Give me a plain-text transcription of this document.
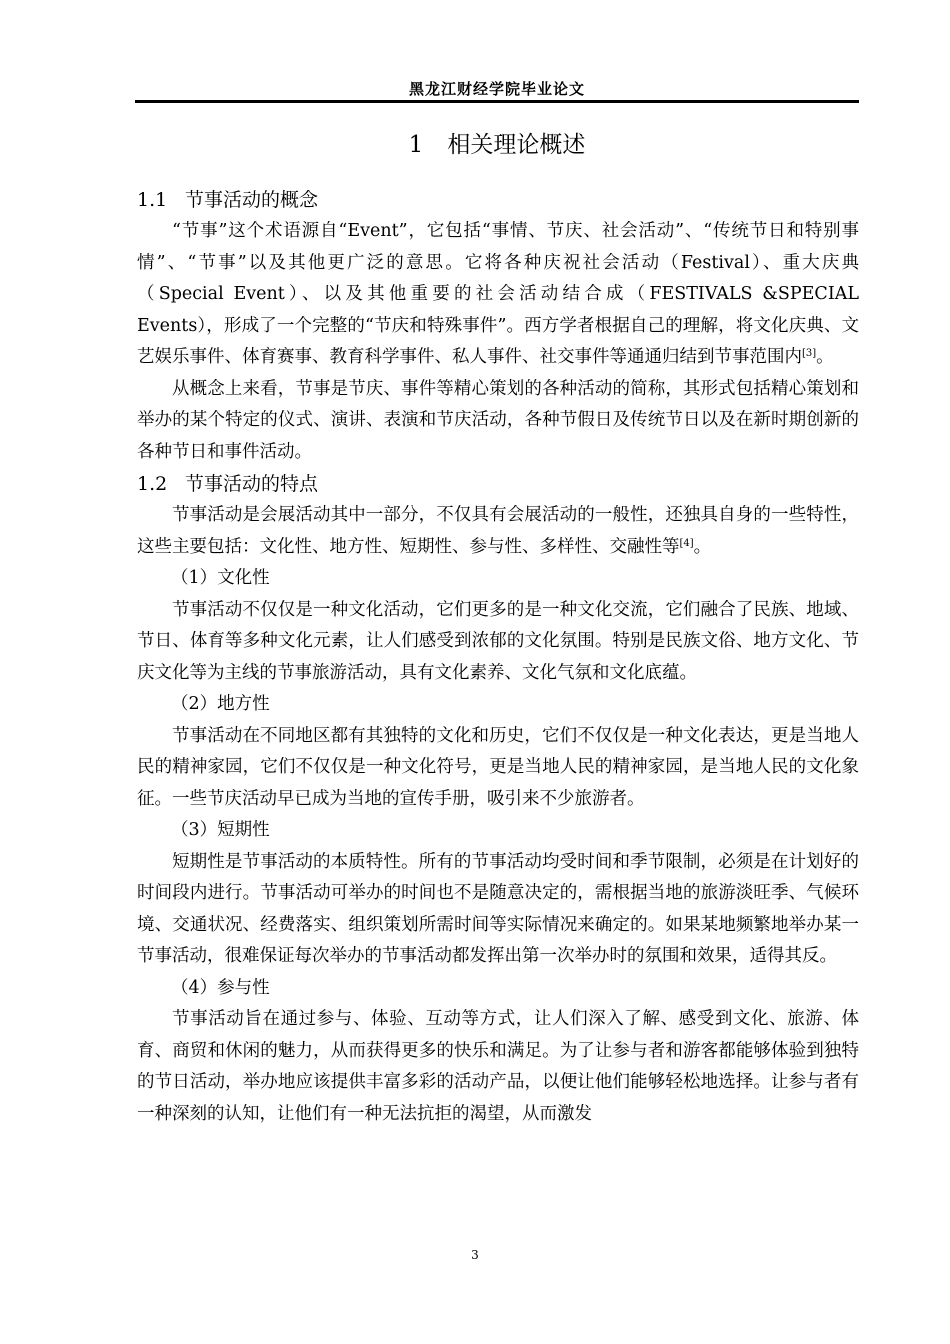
黑龙江财经学院毕业论文
1 相关理论概述
1.1 节事活动的概念

“节事”这个术语源自“Event”，它包括“事情、节庆、社会活动”、“传统节日和特别事情”、“节事”以及其他更广泛的意思。它将各种庆祝社会活动（Festival）、重大庆典（Special Event）、以及其他重要的社会活动结合成（FESTIVALS &SPECIAL Events），形成了一个完整的“节庆和特殊事件”。西方学者根据自己的理解，将文化庆典、文艺娱乐事件、体育赛事、教育科学事件、私人事件、社交事件等通通归结到节事范围内[3]。

从概念上来看，节事是节庆、事件等精心策划的各种活动的简称，其形式包括精心策划和举办的某个特定的仪式、演讲、表演和节庆活动，各种节假日及传统节日以及在新时期创新的各种节日和事件活动。

1.2 节事活动的特点

节事活动是会展活动其中一部分，不仅具有会展活动的一般性，还独具自身的一些特性，这些主要包括：文化性、地方性、短期性、参与性、多样性、交融性等[4]。

（1）文化性

节事活动不仅仅是一种文化活动，它们更多的是一种文化交流，它们融合了民族、地域、节日、体育等多种文化元素，让人们感受到浓郁的文化氛围。特别是民族文俗、地方文化、节庆文化等为主线的节事旅游活动，具有文化素养、文化气氛和文化底蕴。

（2）地方性

节事活动在不同地区都有其独特的文化和历史，它们不仅仅是一种文化表达，更是当地人民的精神家园，它们不仅仅是一种文化符号，更是当地人民的精神家园，是当地人民的文化象征。一些节庆活动早已成为当地的宣传手册，吸引来不少旅游者。

（3）短期性

短期性是节事活动的本质特性。所有的节事活动均受时间和季节限制，必须是在计划好的时间段内进行。节事活动可举办的时间也不是随意决定的，需根据当地的旅游淡旺季、气候环境、交通状况、经费落实、组织策划所需时间等实际情况来确定的。如果某地频繁地举办某一节事活动，很难保证每次举办的节事活动都发挥出第一次举办时的氛围和效果，适得其反。

（4）参与性

节事活动旨在通过参与、体验、互动等方式，让人们深入了解、感受到文化、旅游、体育、商贸和休闲的魅力，从而获得更多的快乐和满足。为了让参与者和游客都能够体验到独特的节日活动，举办地应该提供丰富多彩的活动产品，以便让他们能够轻松地选择。让参与者有一种深刻的认知，让他们有一种无法抗拒的渴望，从而激发

3
